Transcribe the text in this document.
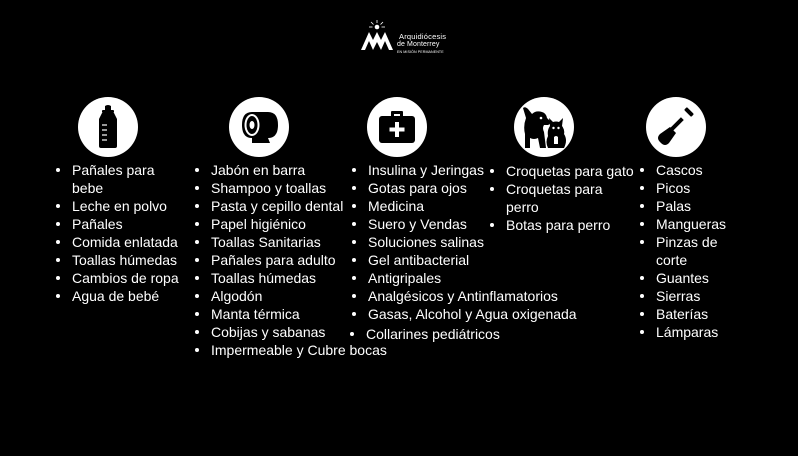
Arquidiócesis
de Monterrey
EN MISIÓN PERMANENTE
Pañales para
bebe
Leche en polvo
Pañales
Comida enlatada
Toallas húmedas
Cambios de ropa
Agua de bebé
Jabón en barra
Shampoo y toallas
Pasta y cepillo dental
Papel higiénico
Toallas Sanitarias
Pañales para adulto
Toallas húmedas
Algodón
Manta térmica
Cobijas y sabanas
Impermeable y Cubre bocas
Insulina y Jeringas
Gotas para ojos
Medicina
Suero y Vendas
Soluciones salinas
Gel antibacterial
Antigripales
Analgésicos y Antinflamatorios
Gasas, Alcohol y Agua oxigenada
Collarines pediátricos
Croquetas para gato
Croquetas para
perro
Botas para perro
Cascos
Picos
Palas
Mangueras
Pinzas de
corte
Guantes
Sierras
Baterías
Lámparas
